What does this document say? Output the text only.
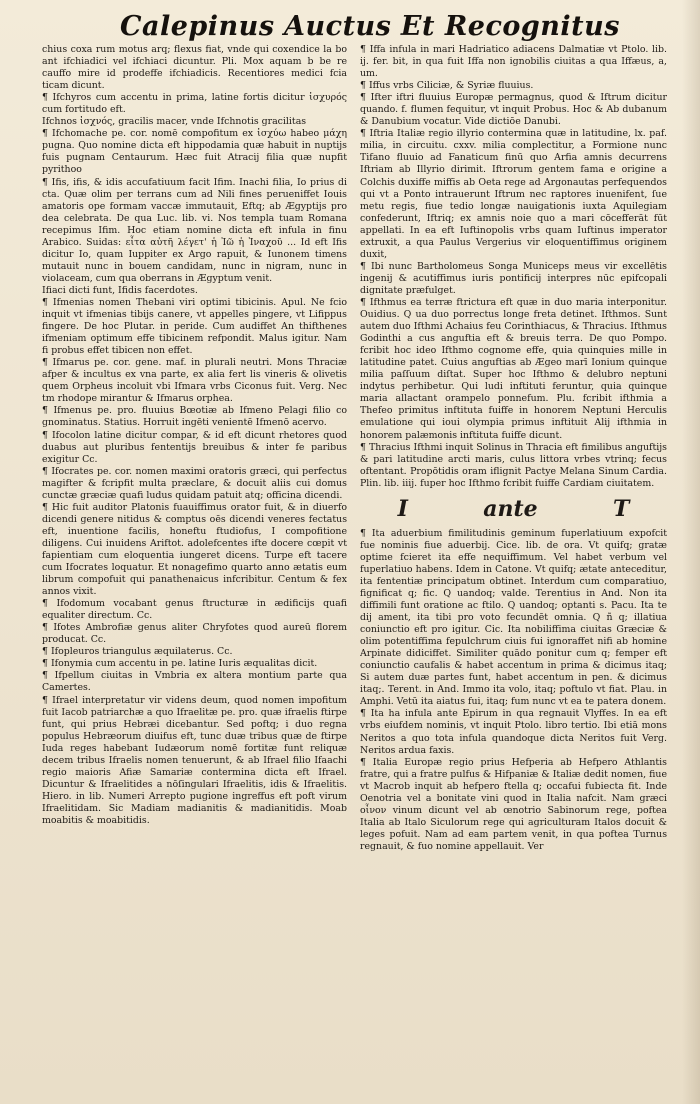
Calepinus Auctus Et Recognitus

chius coxa rum motus arq; flexus fiat, vnde qui coxendice la bo ant ifchiadici vel ifchiaci dicuntur. Pli. Mox aquam b be re cauffo mire id prodeffe ifchiadicis. Recentiores medici fcia ticam dicunt.

¶ Ifchyros cum accentu in prima, latine fortis dicitur ἰσχυρός cum fortitudo eft.

Ifchnos ἰσχνός, gracilis macer, vnde Ifchnotis gracilitas

¶ Ifchomache pe. cor. nomē compofitum ex ἰσχύω habeo μάχη pugna. Quo nomine dicta eft hippodamia quæ habuit in nuptijs fuis pugnam Centaurum. Hæc fuit Atracij filia quæ nupfit pyrithoo

¶ Ifis, ifis, & idis accufatiuum facit Ifim. Inachi filia, Io prius di cta. Quæ olim per terrans cum ad Nili fines perueniffet Iouis amatoris ope formam vaccæ immutauit, Eftq; ab Ægyptijs pro dea celebrata. De qua Luc. lib. vi. Nos templa tuam Romana recepimus Ifim. Hoc etiam nomine dicta eft infula in finu Arabico. Suidas: εἶτα αὐτῆ λέγετ' ἡ Ἰῶ ἡ Ἰναχοῦ ... Id eft Ifis dicitur Io, quam Iuppiter ex Argo rapuit, & Iunonem timens mutauit nunc in bouem candidam, nunc in nigram, nunc in violaceam, cum qua oberrans in Ægyptum venit.

Ifiaci dicti funt, Ifidis facerdotes.

¶ Ifmenias nomen Thebani viri optimi tibicinis. Apul. Ne fcio inquit vt ifmenias tibijs canere, vt appelles pingere, vt Lifippus fingere. De hoc Plutar. in peride. Cum audiffet An thifthenes ifmeniam optimum effe tibicinem refpondit. Malus igitur. Nam fi probus effet tibicen non effet.

¶ Ifmarus pe. cor. gene. maf. in plurali neutri. Mons Thraciæ afper & incultus ex vna parte, ex alia fert lis vineris & olivetis quem Orpheus incoluit vbi Ifmara vrbs Ciconus fuit. Verg. Nec tm rhodope mirantur & Ifmarus orphea.

¶ Ifmenus pe. pro. fluuius Bœotiæ ab Ifmeno Pelagi filio co gnominatus. Statius. Horruit ingēti venientē Ifmenō acervo.

¶ Ifocolon latine dicitur compar, & id eft dicunt rhetores quod duabus aut pluribus fententijs breuibus & inter fe paribus exigitur Cc.

¶ Ifocrates pe. cor. nomen maximi oratoris græci, qui perfectus magifter & fcripfit multa præclare, & docuit aliis cui domus cunctæ græciæ quafi ludus quidam patuit atq; officina dicendi.

¶ Hic fuit auditor Platonis fuauiffimus orator fuit, & in diuerfo dicendi genere nitidus & comptus oēs dicendi veneres fectatus eft, inuentione facilis, honeftu ftudiofus, I compofitione diligens. Cui inuidens Ariftot. adolefcentes ifte docere cœpit vt fapientiam cum eloquentia iungeret dicens. Turpe eft tacere cum Ifocrates loquatur. Et nonagefimo quarto anno ætatis eum librum compofuit qui panathenaicus infcribitur. Centum & fex annos vixit.

¶ Ifodomum vocabant genus ftructuræ in ædificijs quafi equaliter directum. Cc.

¶ Ifotes Ambrofiæ genus aliter Chryfotes quod aureū florem producat. Cc.

¶ Ifopleuros triangulus æquilaterus. Cc.

¶ Ifonymia cum accentu in pe. latine Iuris æqualitas dicit.

¶ Ifpellum ciuitas in Vmbria ex altera montium parte qua Camertes.

¶ Ifrael interpretatur vir videns deum, quod nomen impofitum fuit Iacob patriarchæ a quo Ifraelitæ pe. pro. quæ ifraelis ftirpe funt, qui prius Hebræi dicebantur. Sed poftq; i duo regna populus Hebræorum diuifus eft, tunc duæ tribus quæ de ftirpe Iuda reges habebant Iudæorum nomē fortitæ funt reliquæ decem tribus Ifraelis nomen tenuerunt, & ab Ifrael filio Ifaachi regio maioris Afiæ Samariæ contermina dicta eft Ifrael. Dicuntur & Ifraelitides a nōſingulari Ifraelitis, idis & Ifraelitis. Hiero. in lib. Numeri Arrepto pugione ingreffus eft poft virum Ifraelitidam. Sic Madiam madianitis & madianitidis. Moab moabitis & moabitidis.

¶ Iffa infula in mari Hadriatico adiacens Dalmatiæ vt Ptolo. lib. ij. fer. bit, in qua fuit Iffa non ignobilis ciuitas a qua Iffæus, a, um.

¶ Iffus vrbs Ciliciæ, & Syriæ fluuius.

¶ Ifter iftri fluuius Europæ permagnus, quod & Iftrum dicitur quando. f. flumen fequitur, vt inquit Probus. Hoc & Ab dubanum & Danubium vocatur. Vide dictiōe Danubi.

¶ Iftria Italiæ regio illyrio contermina quæ in latitudine, lx. paf. milia, in circuitu. cxxv. milia complectitur, a Formione nunc Tifano fluuio ad Fanaticum finū quo Arfia amnis decurrens Iftriam ab Illyrio dirimit. Iftrorum gentem fama e origine a Colchis duxiffe miffis ab Oeta rege ad Argonautas perfequendos qui vt a Ponto intrauerunt Iftrum nec raptores inuenifent, ſue metu regis, fiue tedio longæ nauigationis iuxta Aquilegiam confederunt, Iftriq; ex amnis noie quo a mari cōcefferāt fūt appellati. In ea eft Iuftinopolis vrbs quam Iuftinus imperator extruxit, a qua Paulus Vergerius vir eloquentiffimus originem duxit,

¶ Ibi nunc Bartholomeus Songa Municeps meus vir excellētis ingenij & acutiffimus iuris pontificij interpres nūc epifcopali dignitate præfulget.

¶ Ifthmus ea terræ ftrictura eft quæ in duo maria interponitur. Ouidius. Q ua duo porrectus longe freta detinet. Ifthmos. Sunt autem duo Ifthmi Achaius feu Corinthiacus, & Thracius. Ifthmus Godinthi a cus anguftia eft & breuis terra. De quo Pompo. fcribit hoc ideo Ifthmo cognome effe, quia quinquies mille in latitudine patet. Cuius anguftias ab Ægeo marī Ionium quinque milia paſſuum diſtat. Super hoc Ifthmo & delubro neptuni indytus perhibetur. Qui ludi inftituti feruntur, quia quinque maria allactant orampelo ponnefum. Plu. fcribit ifthmia a Thefeo primitus inftituta fuiffe in honorem Neptuni Herculis emulatione qui ioui olympia primus inftituit Alij ifthmia in honorem palæmonis inftituta fuiffe dicunt.

¶ Thracius Ifthmi inquit Solinus in Thracia eft fimilibus anguftijs & pari latitudine arcti maris, culus littora vrbes vtrinq; fecus oftentant. Propōtidis oram iflignit Pactye Melana Sinum Cardia. Plin. lib. iiij. fuper hoc Ifthmo fcribit fuiffe Cardiam ciuitatem.

I	ante	T

¶ Ita aduerbium fimilitudinis geminum fuperlatiuum expofcit fue nominis fiue aduerbij. Cice. lib. de ora. Vt quifq; gratæ optime fcieret ita effe nequiffimum. Vel habet verbum vel fuperlatiuo habens. Idem in Catone. Vt quifq; ætate anteceditur, ita fententiæ principatum obtinet. Interdum cum comparatiuo, fignificat q; fic. Q uandoq; valde. Terentius in And. Non ita diffimili funt oratione ac ftilo. Q uandoq; optanti s. Pacu. Ita te dij ament, ita tibi pro voto fecundēt omnia. Q ñ q; illatiua coniunctio eft pro igitur. Cic. Ita nobiliffima ciuitas Græciæ & olim potentiffima fepulchrum ciuis fui ignoraffet nifi ab homine Arpinate didiciffet. Similiter quādo ponitur cum q; femper eft coniunctio caufalis & habet accentum in prima & dicimus itaq; Si autem duæ partes funt, habet accentum in pen. & dicimus itaq;. Terent. in And. Immo ita volo, itaq; poftulo vt fiat. Plau. in Amphi. Vetū ita aiatus fui, itaq; fum nunc vt ea te patera donem.

¶ Ita ha infula ante Epirum in qua regnauit Vlyffes. In ea eft vrbs eiufdem nominis, vt inquit Ptolo. libro tertio. Ibi etiā mons Neritos a quo tota infula quandoque dicta Neritos fuit Verg. Neritos ardua faxis.

¶ Italia Europæ regio prius Hefperia ab Hefpero Athlantis fratre, qui a fratre pulfus & Hifpaniæ & Italiæ dedit nomen, fiue vt Macrob inquit ab hefpero ftella q; occafui fubiecta fit. Inde Oenotria vel a bonitate vini quod in Italia nafcit. Nam græci οἶνον vinum dicunt vel ab œnotrio Sabinorum rege, poftea Italia ab Italo Siculorum rege qui agriculturam Italos docuit & leges pofuit. Nam ad eam partem venit, in qua poftea Turnus regnauit, & fuo nomine appellauit. Ver
